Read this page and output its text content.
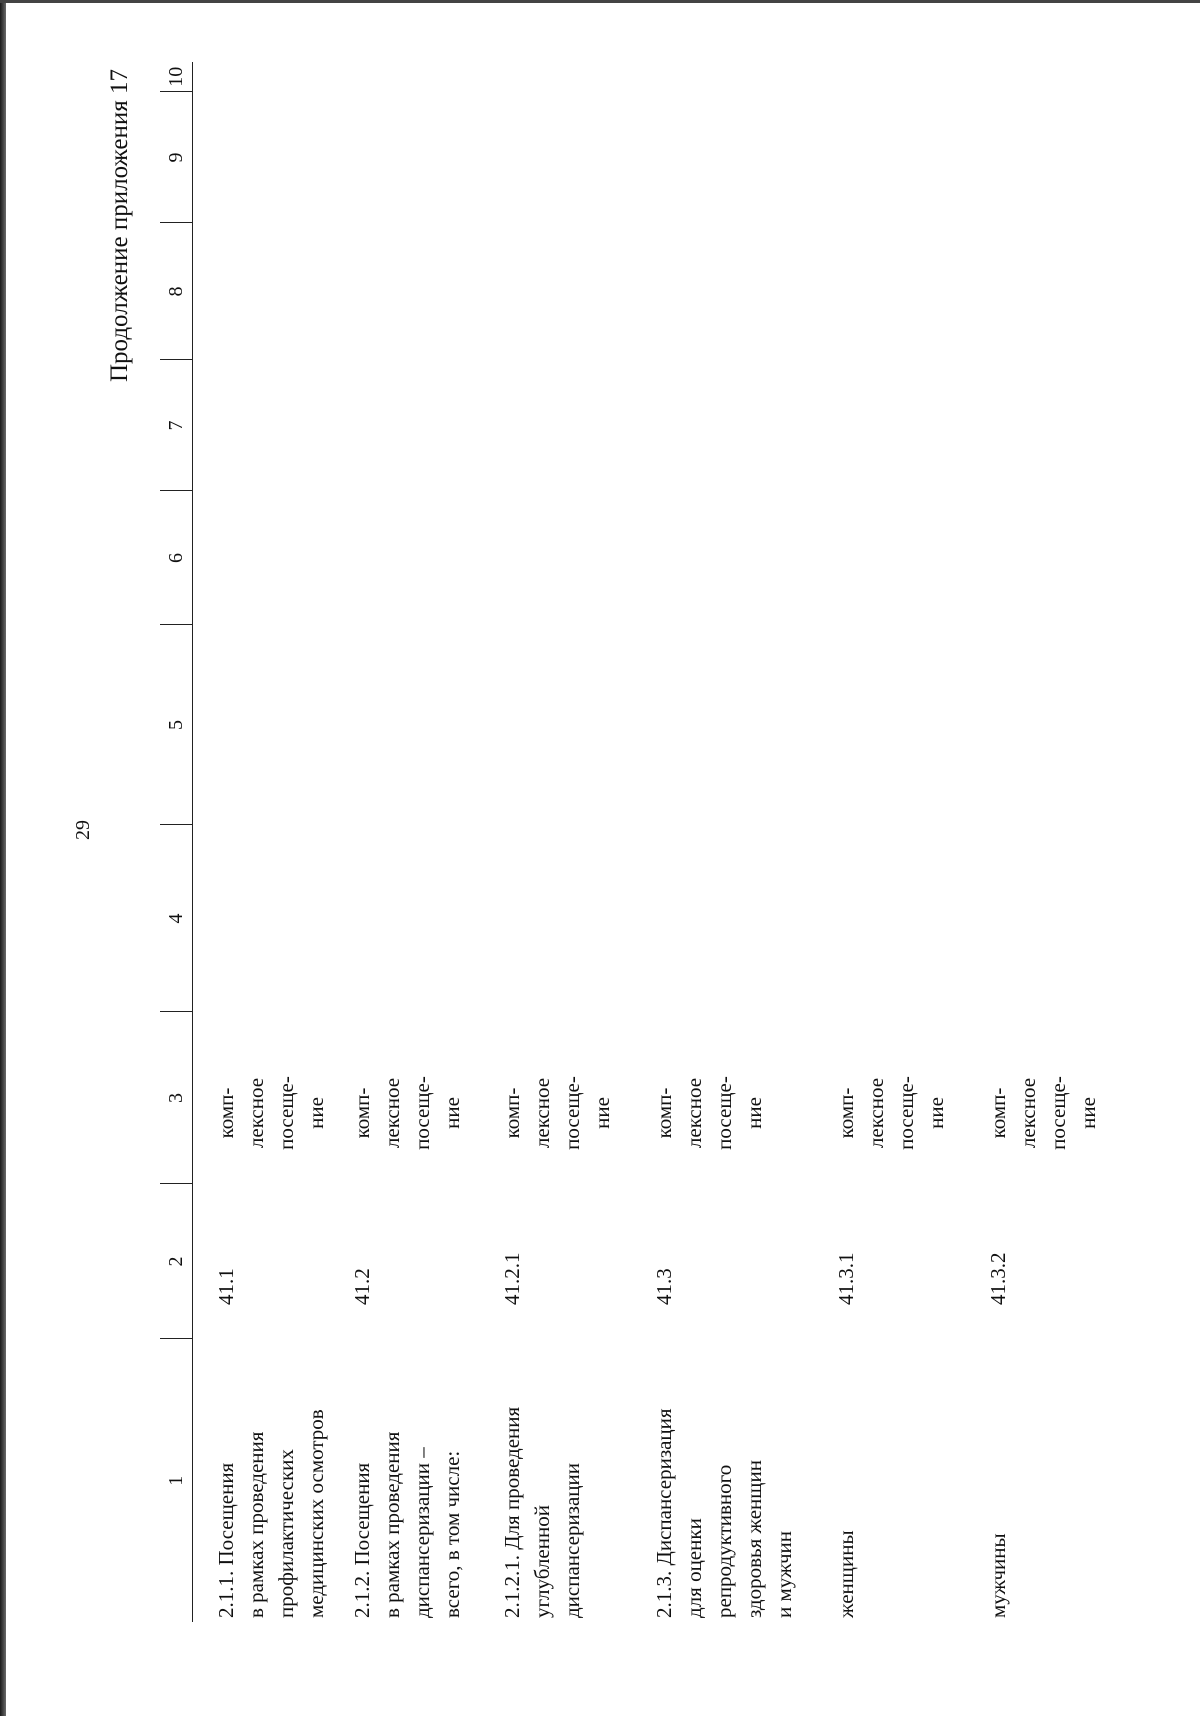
29
Продолжение приложения 17
1	2	3	4	5	6	7	8	9	10

2.1.1. Посещения в рамках проведения профилактических медицинских осмотров	41.1	комп- лексное посеще- ние							

2.1.2. Посещения в рамках проведения диспансеризации – всего, в том числе:	41.2	комп- лексное посеще- ние							

2.1.2.1. Для проведения углубленной диспансеризации	41.2.1	комп- лексное посеще- ние							

2.1.3. Диспансеризация для оценки репродуктивного здоровья женщин и мужчин	41.3	комп- лексное посеще- ние							

женщины	41.3.1	комп- лексное посеще- ние							

мужчины	41.3.2	комп- лексное посеще- ние							
